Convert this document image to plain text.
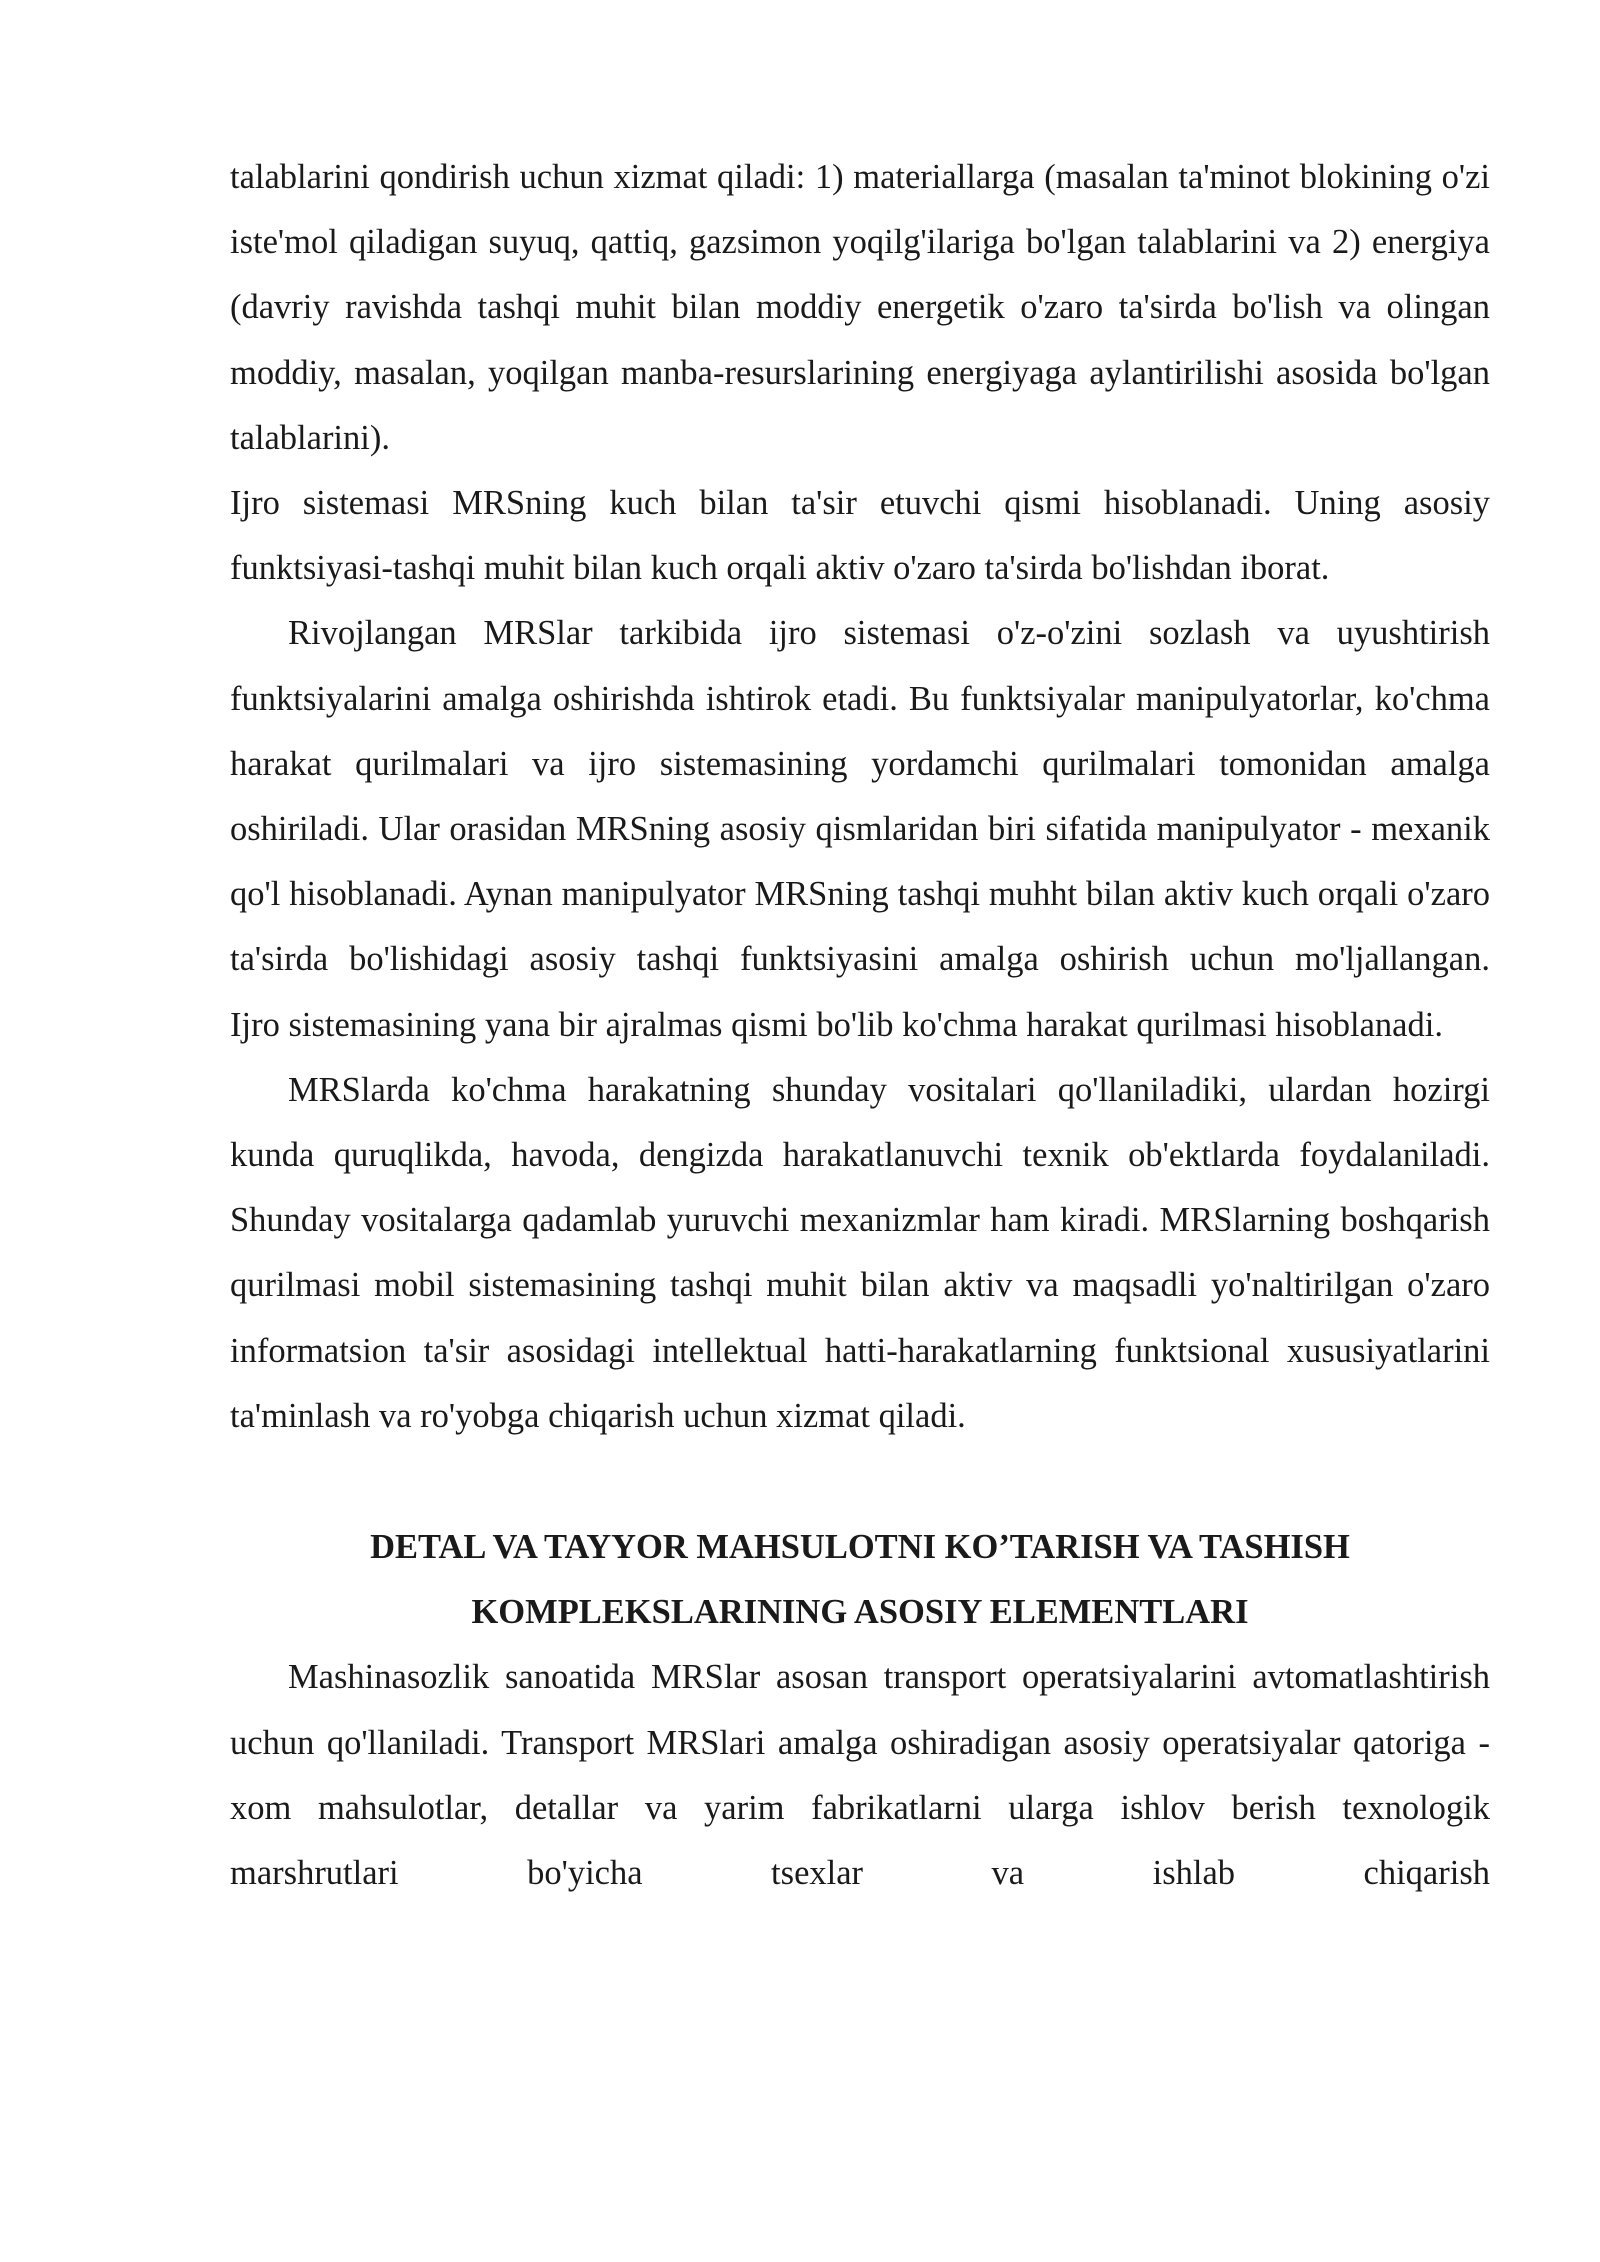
talablarini qondirish uchun xizmat qiladi: 1) materiallarga (masalan ta'minot blokining o'zi iste'mol qiladigan suyuq, qattiq, gazsimon yoqilg'ilariga bo'lgan talablarini va 2) energiya (davriy ravishda tashqi muhit bilan moddiy energetik o'zaro ta'sirda bo'lish va olingan moddiy, masalan, yoqilgan manba-resurslarining energiyaga aylantirilishi asosida bo'lgan talablarini).

Ijro sistemasi MRSning kuch bilan ta'sir etuvchi qismi hisoblanadi. Uning asosiy funktsiyasi-tashqi muhit bilan kuch orqali aktiv o'zaro ta'sirda bo'lishdan iborat.

Rivojlangan MRSlar tarkibida ijro sistemasi o'z-o'zini sozlash va uyushtirish funktsiyalarini amalga oshirishda ishtirok etadi. Bu funktsiyalar manipulyatorlar, ko'chma harakat qurilmalari va ijro sistemasining yordamchi qurilmalari tomonidan amalga oshiriladi. Ular orasidan MRSning asosiy qismlaridan biri sifatida manipulyator - mexanik qo'l hisoblanadi. Aynan manipulyator MRSning tashqi muhht bilan aktiv kuch orqali o'zaro ta'sirda bo'lishidagi asosiy tashqi funktsiyasini amalga oshirish uchun mo'ljallangan.

Ijro sistemasining yana bir ajralmas qismi bo'lib ko'chma harakat qurilmasi hisoblanadi.

MRSlarda ko'chma harakatning shunday vositalari qo'llaniladiki, ulardan hozirgi kunda quruqlikda, havoda, dengizda harakatlanuvchi texnik ob'ektlarda foydalaniladi. Shunday vositalarga qadamlab yuruvchi mexanizmlar ham kiradi. MRSlarning boshqarish qurilmasi mobil sistemasining tashqi muhit bilan aktiv va maqsadli yo'naltirilgan o'zaro informatsion ta'sir asosidagi intellektual hatti-harakatlarning funktsional xususiyatlarini ta'minlash va ro'yobga chiqarish uchun xizmat qiladi.

DETAL VA TAYYOR MAHSULOTNI KO’TARISH VA TASHISH
KOMPLEKSLARINING ASOSIY ELEMENTLARI

Mashinasozlik sanoatida MRSlar asosan transport operatsiyalarini avtomatlashtirish uchun qo'llaniladi. Transport MRSlari amalga oshiradigan asosiy operatsiyalar qatoriga -xom mahsulotlar, detallar va yarim fabrikatlarni ularga ishlov berish texnologik marshrutlari bo'yicha tsexlar va ishlab chiqarish
